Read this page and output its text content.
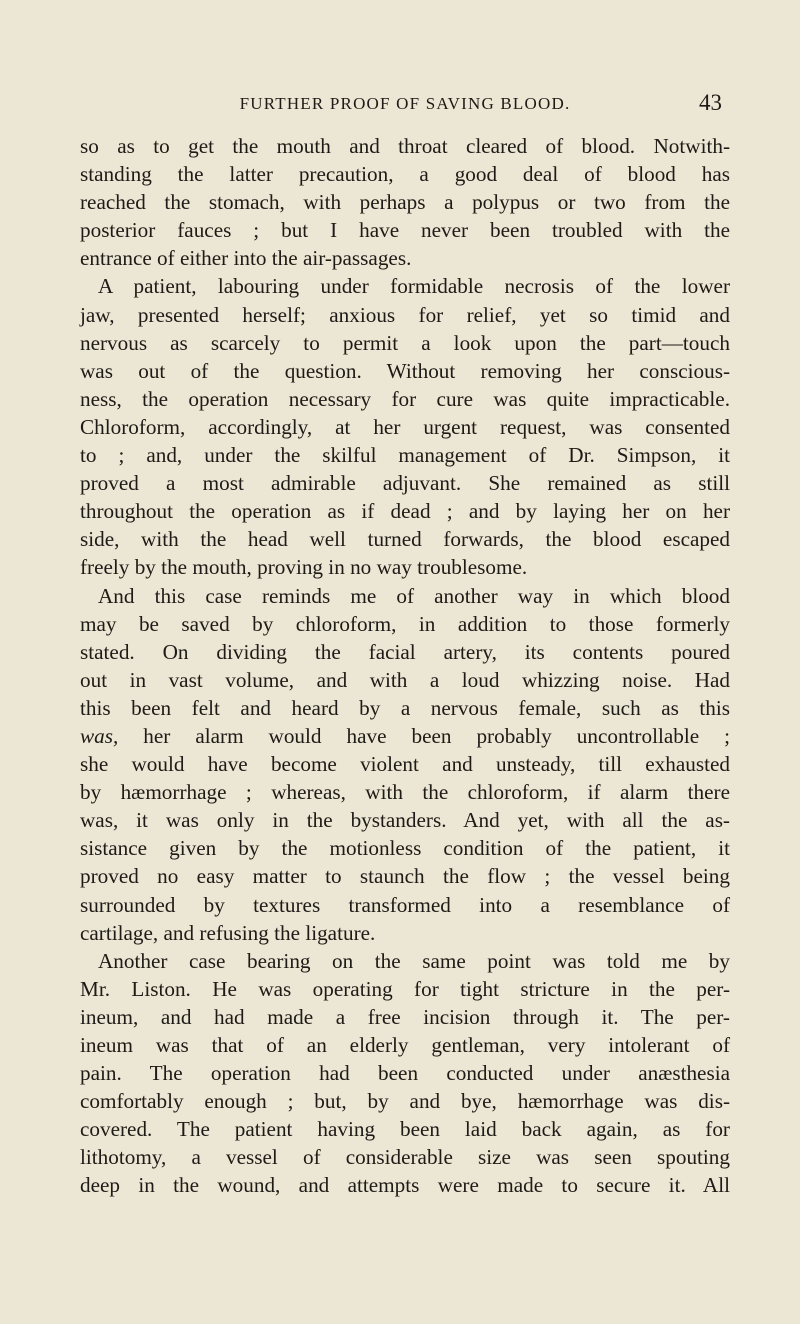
FURTHER PROOF OF SAVING BLOOD.	43

so as to get the mouth and throat cleared of blood. Notwith-
standing the latter precaution, a good deal of blood has
reached the stomach, with perhaps a polypus or two from the
posterior fauces ; but I have never been troubled with the
entrance of either into the air-passages.

A patient, labouring under formidable necrosis of the lower
jaw, presented herself; anxious for relief, yet so timid and
nervous as scarcely to permit a look upon the part—touch
was out of the question. Without removing her conscious-
ness, the operation necessary for cure was quite impracticable.
Chloroform, accordingly, at her urgent request, was consented
to ; and, under the skilful management of Dr. Simpson, it
proved a most admirable adjuvant. She remained as still
throughout the operation as if dead ; and by laying her on her
side, with the head well turned forwards, the blood escaped
freely by the mouth, proving in no way troublesome.

And this case reminds me of another way in which blood
may be saved by chloroform, in addition to those formerly
stated. On dividing the facial artery, its contents poured
out in vast volume, and with a loud whizzing noise. Had
this been felt and heard by a nervous female, such as this
was, her alarm would have been probably uncontrollable ;
she would have become violent and unsteady, till exhausted
by hæmorrhage ; whereas, with the chloroform, if alarm there
was, it was only in the bystanders. And yet, with all the as-
sistance given by the motionless condition of the patient, it
proved no easy matter to staunch the flow ; the vessel being
surrounded by textures transformed into a resemblance of
cartilage, and refusing the ligature.

Another case bearing on the same point was told me by
Mr. Liston. He was operating for tight stricture in the per-
ineum, and had made a free incision through it. The per-
ineum was that of an elderly gentleman, very intolerant of
pain. The operation had been conducted under anæsthesia
comfortably enough ; but, by and bye, hæmorrhage was dis-
covered. The patient having been laid back again, as for
lithotomy, a vessel of considerable size was seen spouting
deep in the wound, and attempts were made to secure it. All
